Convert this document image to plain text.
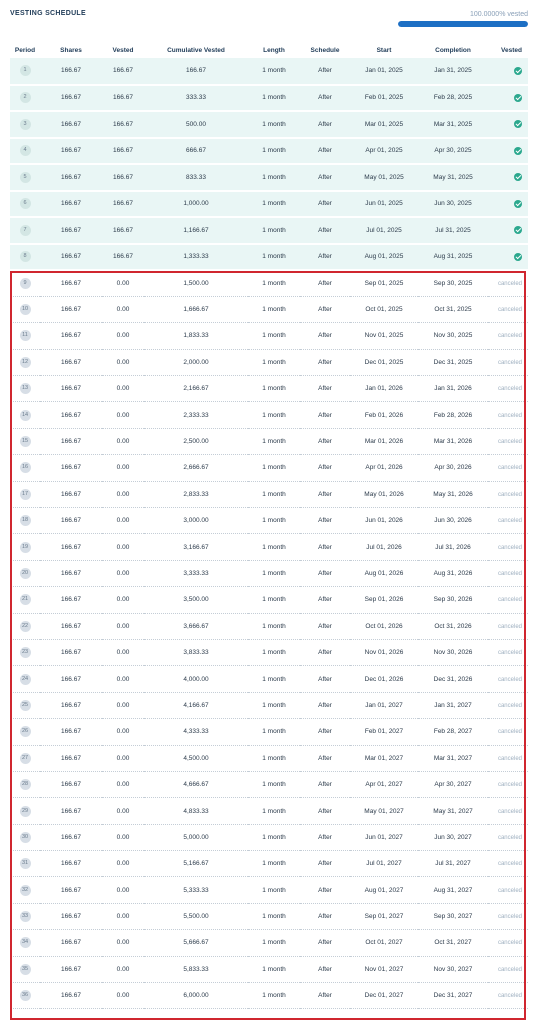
VESTING SCHEDULE	100.0000% vested
Period	Shares	Vested	Cumulative Vested	Length	Schedule	Start	Completion	Vested
1	166.67	166.67	166.67	1 month	After	Jan 01, 2025	Jan 31, 2025	
2	166.67	166.67	333.33	1 month	After	Feb 01, 2025	Feb 28, 2025	
3	166.67	166.67	500.00	1 month	After	Mar 01, 2025	Mar 31, 2025	
4	166.67	166.67	666.67	1 month	After	Apr 01, 2025	Apr 30, 2025	
5	166.67	166.67	833.33	1 month	After	May 01, 2025	May 31, 2025	
6	166.67	166.67	1,000.00	1 month	After	Jun 01, 2025	Jun 30, 2025	
7	166.67	166.67	1,166.67	1 month	After	Jul 01, 2025	Jul 31, 2025	
8	166.67	166.67	1,333.33	1 month	After	Aug 01, 2025	Aug 31, 2025	
9	166.67	0.00	1,500.00	1 month	After	Sep 01, 2025	Sep 30, 2025	canceled
10	166.67	0.00	1,666.67	1 month	After	Oct 01, 2025	Oct 31, 2025	canceled
11	166.67	0.00	1,833.33	1 month	After	Nov 01, 2025	Nov 30, 2025	canceled
12	166.67	0.00	2,000.00	1 month	After	Dec 01, 2025	Dec 31, 2025	canceled
13	166.67	0.00	2,166.67	1 month	After	Jan 01, 2026	Jan 31, 2026	canceled
14	166.67	0.00	2,333.33	1 month	After	Feb 01, 2026	Feb 28, 2026	canceled
15	166.67	0.00	2,500.00	1 month	After	Mar 01, 2026	Mar 31, 2026	canceled
16	166.67	0.00	2,666.67	1 month	After	Apr 01, 2026	Apr 30, 2026	canceled
17	166.67	0.00	2,833.33	1 month	After	May 01, 2026	May 31, 2026	canceled
18	166.67	0.00	3,000.00	1 month	After	Jun 01, 2026	Jun 30, 2026	canceled
19	166.67	0.00	3,166.67	1 month	After	Jul 01, 2026	Jul 31, 2026	canceled
20	166.67	0.00	3,333.33	1 month	After	Aug 01, 2026	Aug 31, 2026	canceled
21	166.67	0.00	3,500.00	1 month	After	Sep 01, 2026	Sep 30, 2026	canceled
22	166.67	0.00	3,666.67	1 month	After	Oct 01, 2026	Oct 31, 2026	canceled
23	166.67	0.00	3,833.33	1 month	After	Nov 01, 2026	Nov 30, 2026	canceled
24	166.67	0.00	4,000.00	1 month	After	Dec 01, 2026	Dec 31, 2026	canceled
25	166.67	0.00	4,166.67	1 month	After	Jan 01, 2027	Jan 31, 2027	canceled
26	166.67	0.00	4,333.33	1 month	After	Feb 01, 2027	Feb 28, 2027	canceled
27	166.67	0.00	4,500.00	1 month	After	Mar 01, 2027	Mar 31, 2027	canceled
28	166.67	0.00	4,666.67	1 month	After	Apr 01, 2027	Apr 30, 2027	canceled
29	166.67	0.00	4,833.33	1 month	After	May 01, 2027	May 31, 2027	canceled
30	166.67	0.00	5,000.00	1 month	After	Jun 01, 2027	Jun 30, 2027	canceled
31	166.67	0.00	5,166.67	1 month	After	Jul 01, 2027	Jul 31, 2027	canceled
32	166.67	0.00	5,333.33	1 month	After	Aug 01, 2027	Aug 31, 2027	canceled
33	166.67	0.00	5,500.00	1 month	After	Sep 01, 2027	Sep 30, 2027	canceled
34	166.67	0.00	5,666.67	1 month	After	Oct 01, 2027	Oct 31, 2027	canceled
35	166.67	0.00	5,833.33	1 month	After	Nov 01, 2027	Nov 30, 2027	canceled
36	166.67	0.00	6,000.00	1 month	After	Dec 01, 2027	Dec 31, 2027	canceled
